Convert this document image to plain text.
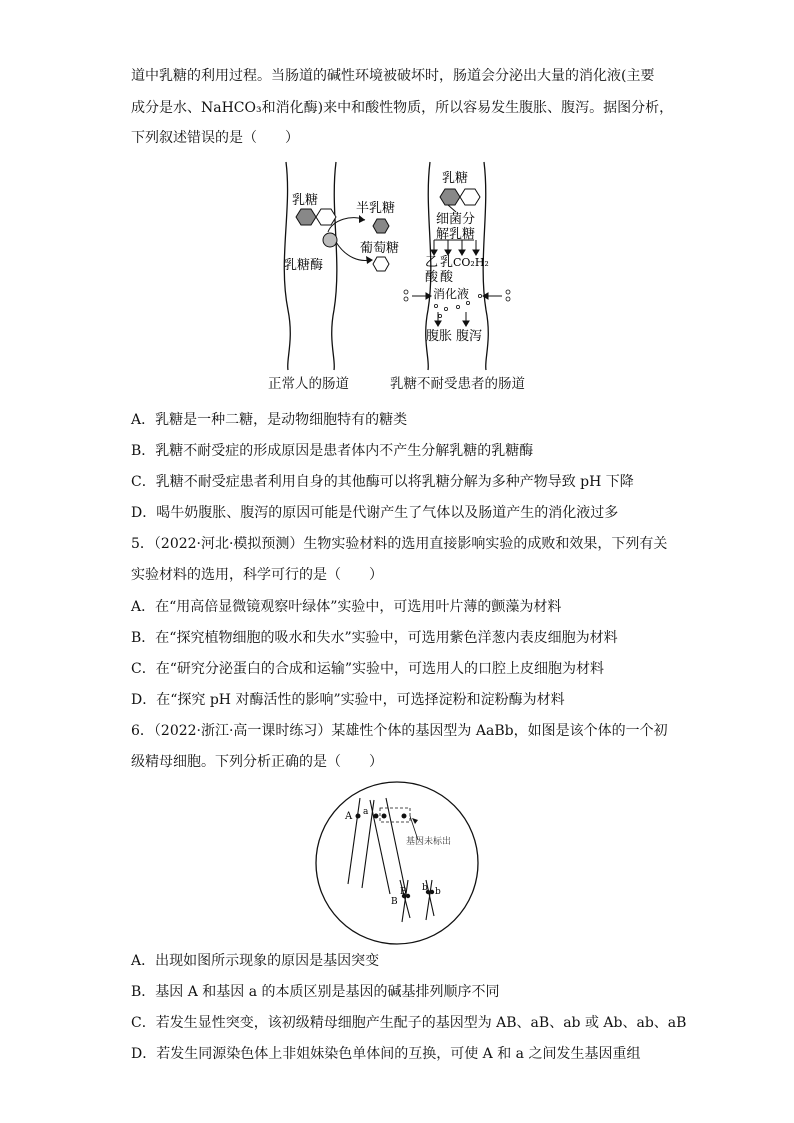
道中乳糖的利用过程。当肠道的碱性环境被破坏时，肠道会分泌出大量的消化液(主要
成分是水、NaHCO₃和消化酶)来中和酸性物质，所以容易发生腹胀、腹泻。据图分析，
下列叙述错误的是（　　）
乳糖
乳糖酶
半乳糖
葡萄糖
乳糖
细菌分
解乳糖
乙 乳 CO₂H₂
酸 酸
消化液
腹胀 腹泻
正常人的肠道	乳糖不耐受患者的肠道
A．乳糖是一种二糖，是动物细胞特有的糖类
B．乳糖不耐受症的形成原因是患者体内不产生分解乳糖的乳糖酶
C．乳糖不耐受症患者利用自身的其他酶可以将乳糖分解为多种产物导致 pH 下降
D．喝牛奶腹胀、腹泻的原因可能是代谢产生了气体以及肠道产生的消化液过多
5．（2022·河北·模拟预测）生物实验材料的选用直接影响实验的成败和效果，下列有关
实验材料的选用，科学可行的是（　　）
A．在“用高倍显微镜观察叶绿体”实验中，可选用叶片薄的颤藻为材料
B．在“探究植物细胞的吸水和失水”实验中，可选用紫色洋葱内表皮细胞为材料
C．在“研究分泌蛋白的合成和运输”实验中，可选用人的口腔上皮细胞为材料
D．在“探究 pH 对酶活性的影响”实验中，可选择淀粉和淀粉酶为材料
6．（2022·浙江·高一课时练习）某雄性个体的基因型为 AaBb，如图是该个体的一个初
级精母细胞。下列分析正确的是（　　）
A a
基因未标出
B
B
b b
A．出现如图所示现象的原因是基因突变
B．基因 A 和基因 a 的本质区别是基因的碱基排列顺序不同
C．若发生显性突变，该初级精母细胞产生配子的基因型为 AB、aB、ab 或 Ab、ab、aB
D．若发生同源染色体上非姐妹染色单体间的互换，可使 A 和 a 之间发生基因重组
